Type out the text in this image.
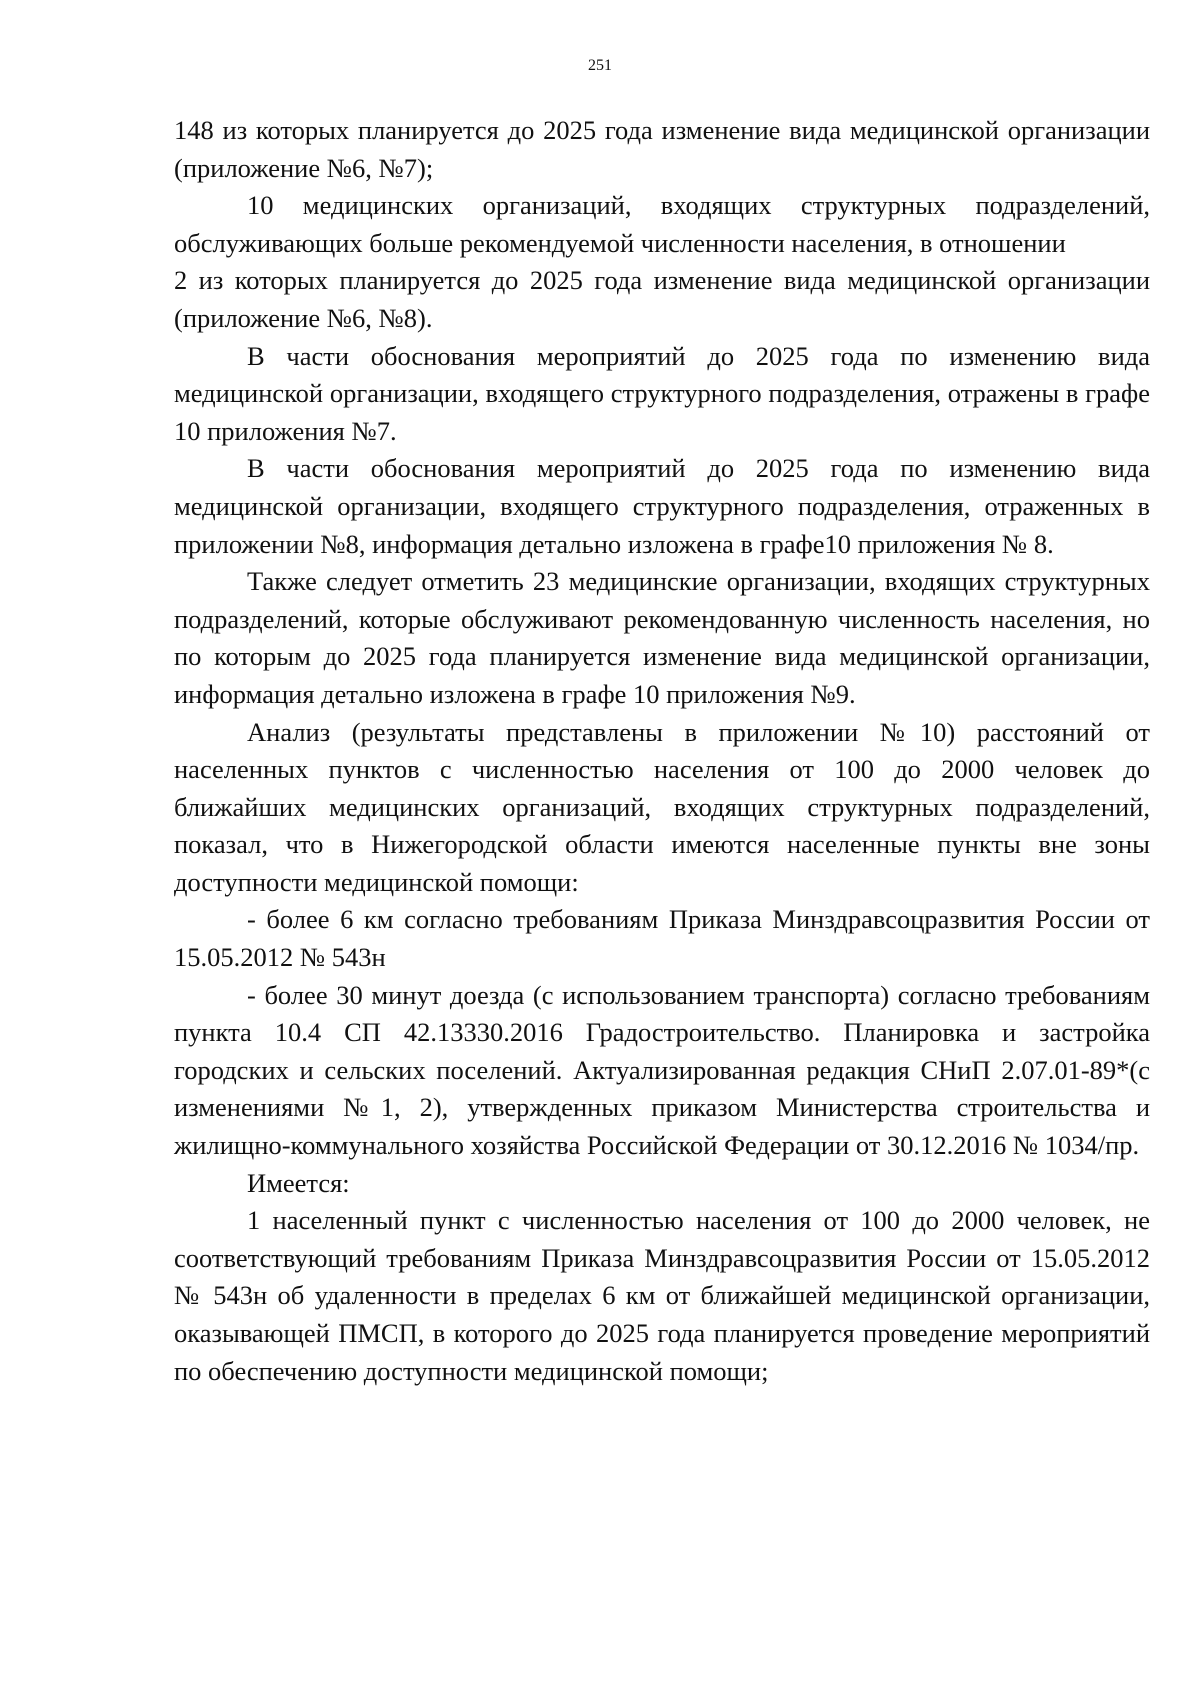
251

148 из которых планируется до 2025 года изменение вида медицинской организации (приложение №6, №7);

10 медицинских организаций, входящих структурных подразделений, обслуживающих больше рекомендуемой численности населения, в отношении

2 из которых планируется до 2025 года изменение вида медицинской организации (приложение №6, №8).

В части обоснования мероприятий до 2025 года по изменению вида медицинской организации, входящего структурного подразделения, отражены в графе 10 приложения №7.

В части обоснования мероприятий до 2025 года по изменению вида медицинской организации, входящего структурного подразделения, отраженных в приложении №8, информация детально изложена в графе10 приложения № 8.

Также следует отметить 23 медицинские организации, входящих структурных подразделений, которые обслуживают рекомендованную численность населения, но по которым до 2025 года планируется изменение вида медицинской организации, информация детально изложена в графе 10 приложения №9.

Анализ (результаты представлены в приложении №10) расстояний от населенных пунктов с численностью населения от 100 до 2000 человек до ближайших медицинских организаций, входящих структурных подразделений, показал, что в Нижегородской области имеются населенные пункты вне зоны доступности медицинской помощи:

- более 6 км согласно требованиям Приказа Минздравсоцразвития России от 15.05.2012 № 543н

- более 30 минут доезда (с использованием транспорта) согласно требованиям пункта 10.4 СП 42.13330.2016 Градостроительство. Планировка и застройка городских и сельских поселений. Актуализированная редакция СНиП 2.07.01-89*(с изменениями №1, 2), утвержденных приказом Министерства строительства и жилищно-коммунального хозяйства Российской Федерации от 30.12.2016 № 1034/пр.

Имеется:

1 населенный пункт с численностью населения от 100 до 2000 человек, не соответствующий требованиям Приказа Минздравсоцразвития России от 15.05.2012 № 543н об удаленности в пределах 6 км от ближайшей медицинской организации, оказывающей ПМСП, в которого до 2025 года планируется проведение мероприятий по обеспечению доступности медицинской помощи;
